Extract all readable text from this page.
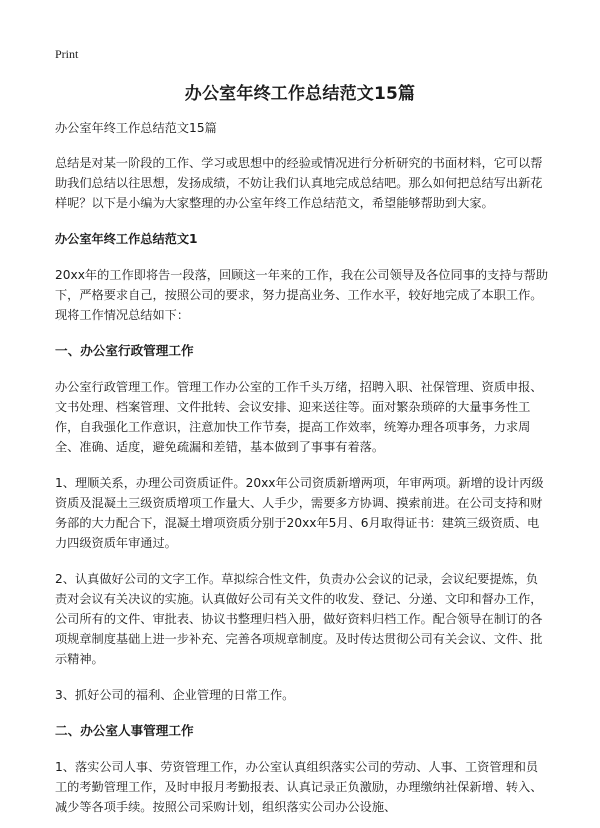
Print
办公室年终工作总结范文15篇

办公室年终工作总结范文15篇

总结是对某一阶段的工作、学习或思想中的经验或情况进行分析研究的书面材料，它可以帮助我们总结以往思想，发扬成绩，不妨让我们认真地完成总结吧。那么如何把总结写出新花样呢？以下是小编为大家整理的办公室年终工作总结范文，希望能够帮助到大家。

办公室年终工作总结范文1

20xx年的工作即将告一段落，回顾这一年来的工作，我在公司领导及各位同事的支持与帮助下，严格要求自己，按照公司的要求，努力提高业务、工作水平，较好地完成了本职工作。现将工作情况总结如下：

一、办公室行政管理工作

办公室行政管理工作。管理工作办公室的工作千头万绪，招聘入职、社保管理、资质申报、文书处理、档案管理、文件批转、会议安排、迎来送往等。面对繁杂琐碎的大量事务性工作，自我强化工作意识，注意加快工作节奏，提高工作效率，统筹办理各项事务，力求周全、准确、适度，避免疏漏和差错，基本做到了事事有着落。

1、理顺关系，办理公司资质证件。20xx年公司资质新增两项，年审两项。新增的设计丙级资质及混凝土三级资质增项工作量大、人手少，需要多方协调、摸索前进。在公司支持和财务部的大力配合下，混凝土增项资质分别于20xx年5月、6月取得证书：建筑三级资质、电力四级资质年审通过。

2、认真做好公司的文字工作。草拟综合性文件，负责办公会议的记录，会议纪要提炼，负责对会议有关决议的实施。认真做好公司有关文件的收发、登记、分递、文印和督办工作，公司所有的文件、审批表、协议书整理归档入册，做好资料归档工作。配合领导在制订的各项规章制度基础上进一步补充、完善各项规章制度。及时传达贯彻公司有关会议、文件、批示精神。

3、抓好公司的福利、企业管理的日常工作。

二、办公室人事管理工作

1、落实公司人事、劳资管理工作，办公室认真组织落实公司的劳动、人事、工资管理和员工的考勤管理工作，及时申报月考勤报表、认真记录正负激励，办理缴纳社保新增、转入、减少等各项手续。按照公司采购计划，组织落实公司办公设施、
